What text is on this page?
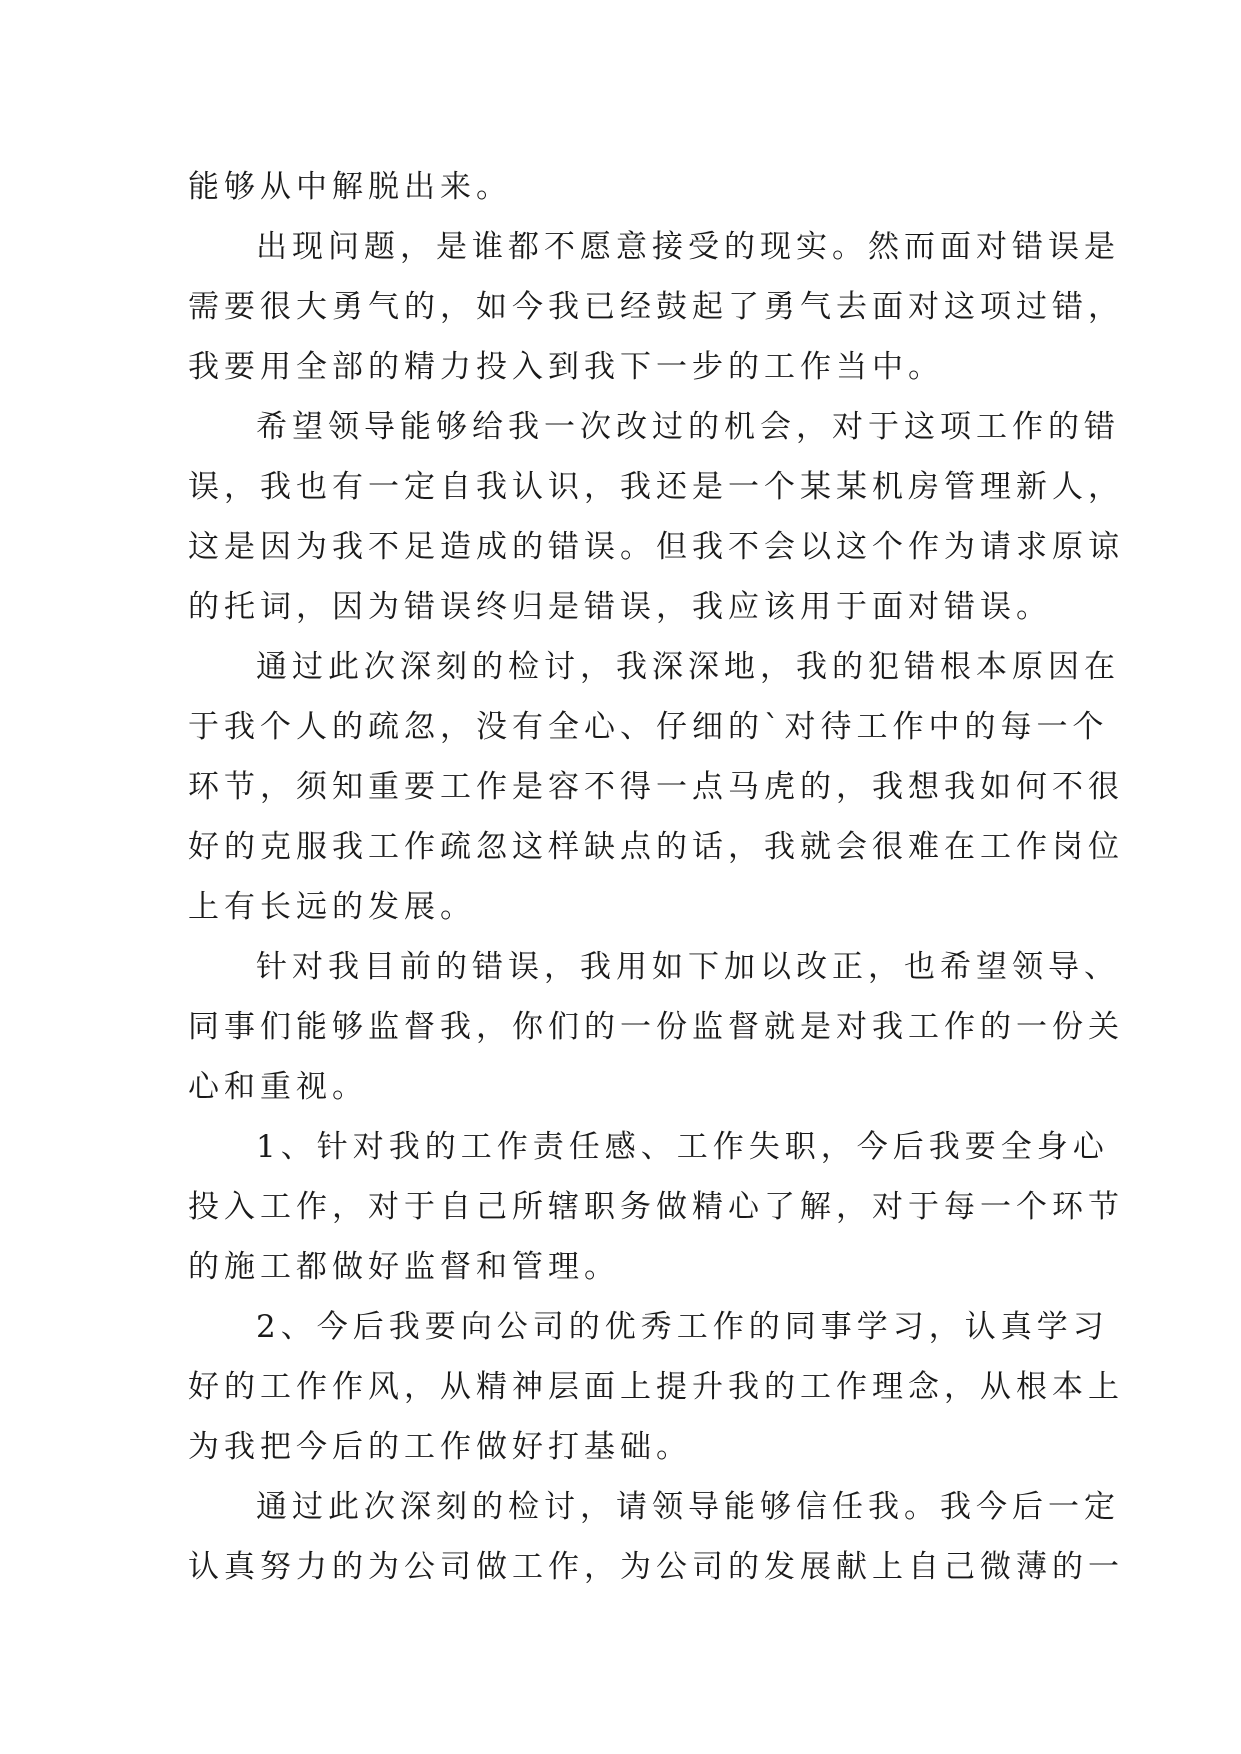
能够从中解脱出来。
出现问题，是谁都不愿意接受的现实。然而面对错误是
需要很大勇气的，如今我已经鼓起了勇气去面对这项过错，
我要用全部的精力投入到我下一步的工作当中。
希望领导能够给我一次改过的机会，对于这项工作的错
误，我也有一定自我认识，我还是一个某某机房管理新人，
这是因为我不足造成的错误。但我不会以这个作为请求原谅
的托词，因为错误终归是错误，我应该用于面对错误。
通过此次深刻的检讨，我深深地，我的犯错根本原因在
于我个人的疏忽，没有全心、仔细的`对待工作中的每一个
环节，须知重要工作是容不得一点马虎的，我想我如何不很
好的克服我工作疏忽这样缺点的话，我就会很难在工作岗位
上有长远的发展。
针对我目前的错误，我用如下加以改正，也希望领导、
同事们能够监督我，你们的一份监督就是对我工作的一份关
心和重视。
1、针对我的工作责任感、工作失职，今后我要全身心
投入工作，对于自己所辖职务做精心了解，对于每一个环节
的施工都做好监督和管理。
2、今后我要向公司的优秀工作的同事学习，认真学习
好的工作作风，从精神层面上提升我的工作理念，从根本上
为我把今后的工作做好打基础。
通过此次深刻的检讨，请领导能够信任我。我今后一定
认真努力的为公司做工作，为公司的发展献上自己微薄的一
